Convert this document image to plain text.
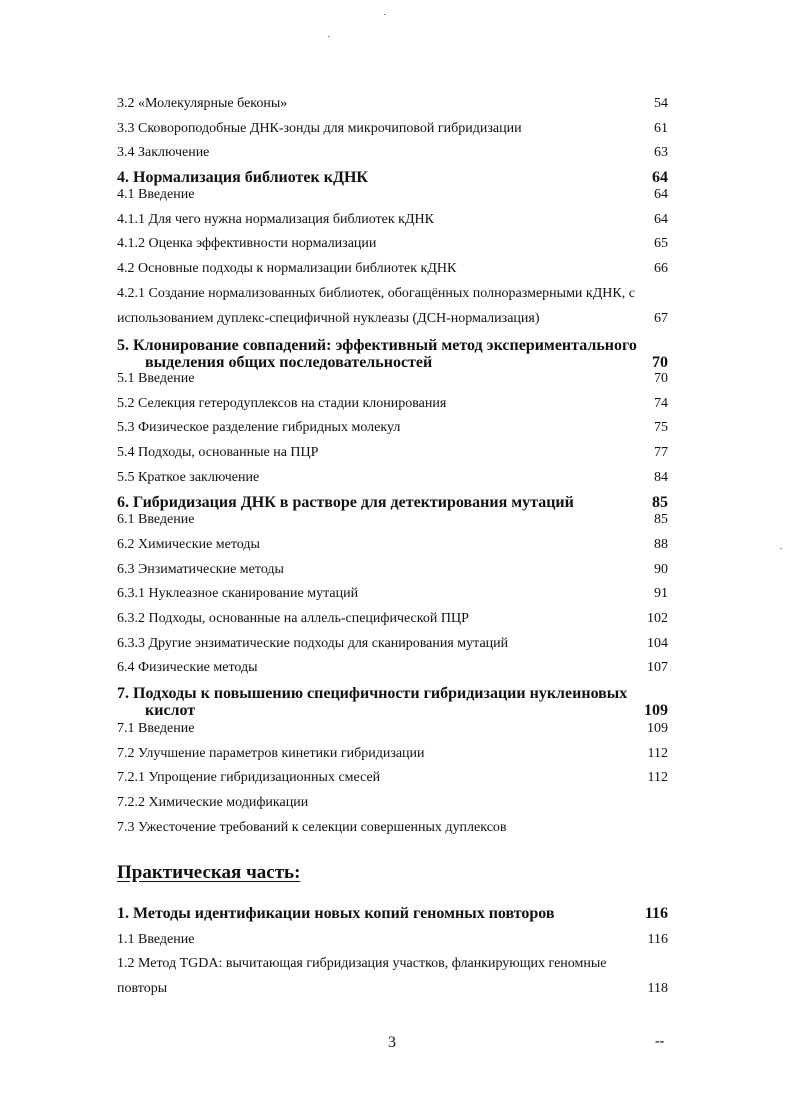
3.2 «Молекулярные беконы»	54
3.3 Сковороподобные ДНК-зонды для микрочиповой гибридизации	61
3.4 Заключение	63
4. Нормализация библиотек кДНК	64
4.1 Введение	64
4.1.1 Для чего нужна нормализация библиотек кДНК	64
4.1.2 Оценка эффективности нормализации	65
4.2 Основные подходы к нормализации библиотек кДНК	66
4.2.1 Создание нормализованных библиотек, обогащённых полноразмерными кДНК, с
использованием дуплекс-специфичной нуклеазы (ДСН-нормализация)	67
5. Клонирование совпадений: эффективный метод экспериментального
выделения общих последовательностей	70
5.1 Введение	70
5.2 Селекция гетеродуплексов на стадии клонирования	74
5.3 Физическое разделение гибридных молекул	75
5.4 Подходы, основанные на ПЦР	77
5.5 Краткое заключение	84
6. Гибридизация ДНК в растворе для детектирования мутаций	85
6.1 Введение	85
6.2 Химические методы	88
6.3 Энзиматические методы	90
6.3.1 Нуклеазное сканирование мутаций	91
6.3.2 Подходы, основанные на аллель-специфической ПЦР	102
6.3.3 Другие энзиматические подходы для сканирования мутаций	104
6.4 Физические методы	107
7. Подходы к повышению специфичности гибридизации нуклеиновых
кислот	109
7.1 Введение	109
7.2 Улучшение параметров кинетики гибридизации	112
7.2.1 Упрощение гибридизационных смесей	112
7.2.2 Химические модификации
7.3 Ужесточение требований к селекции совершенных дуплексов
1. Методы идентификации новых копий геномных повторов	116
1.1 Введение	116
1.2 Метод TGDA: вычитающая гибридизация участков, фланкирующих геномные
повторы	118
Практическая часть:
3	--
